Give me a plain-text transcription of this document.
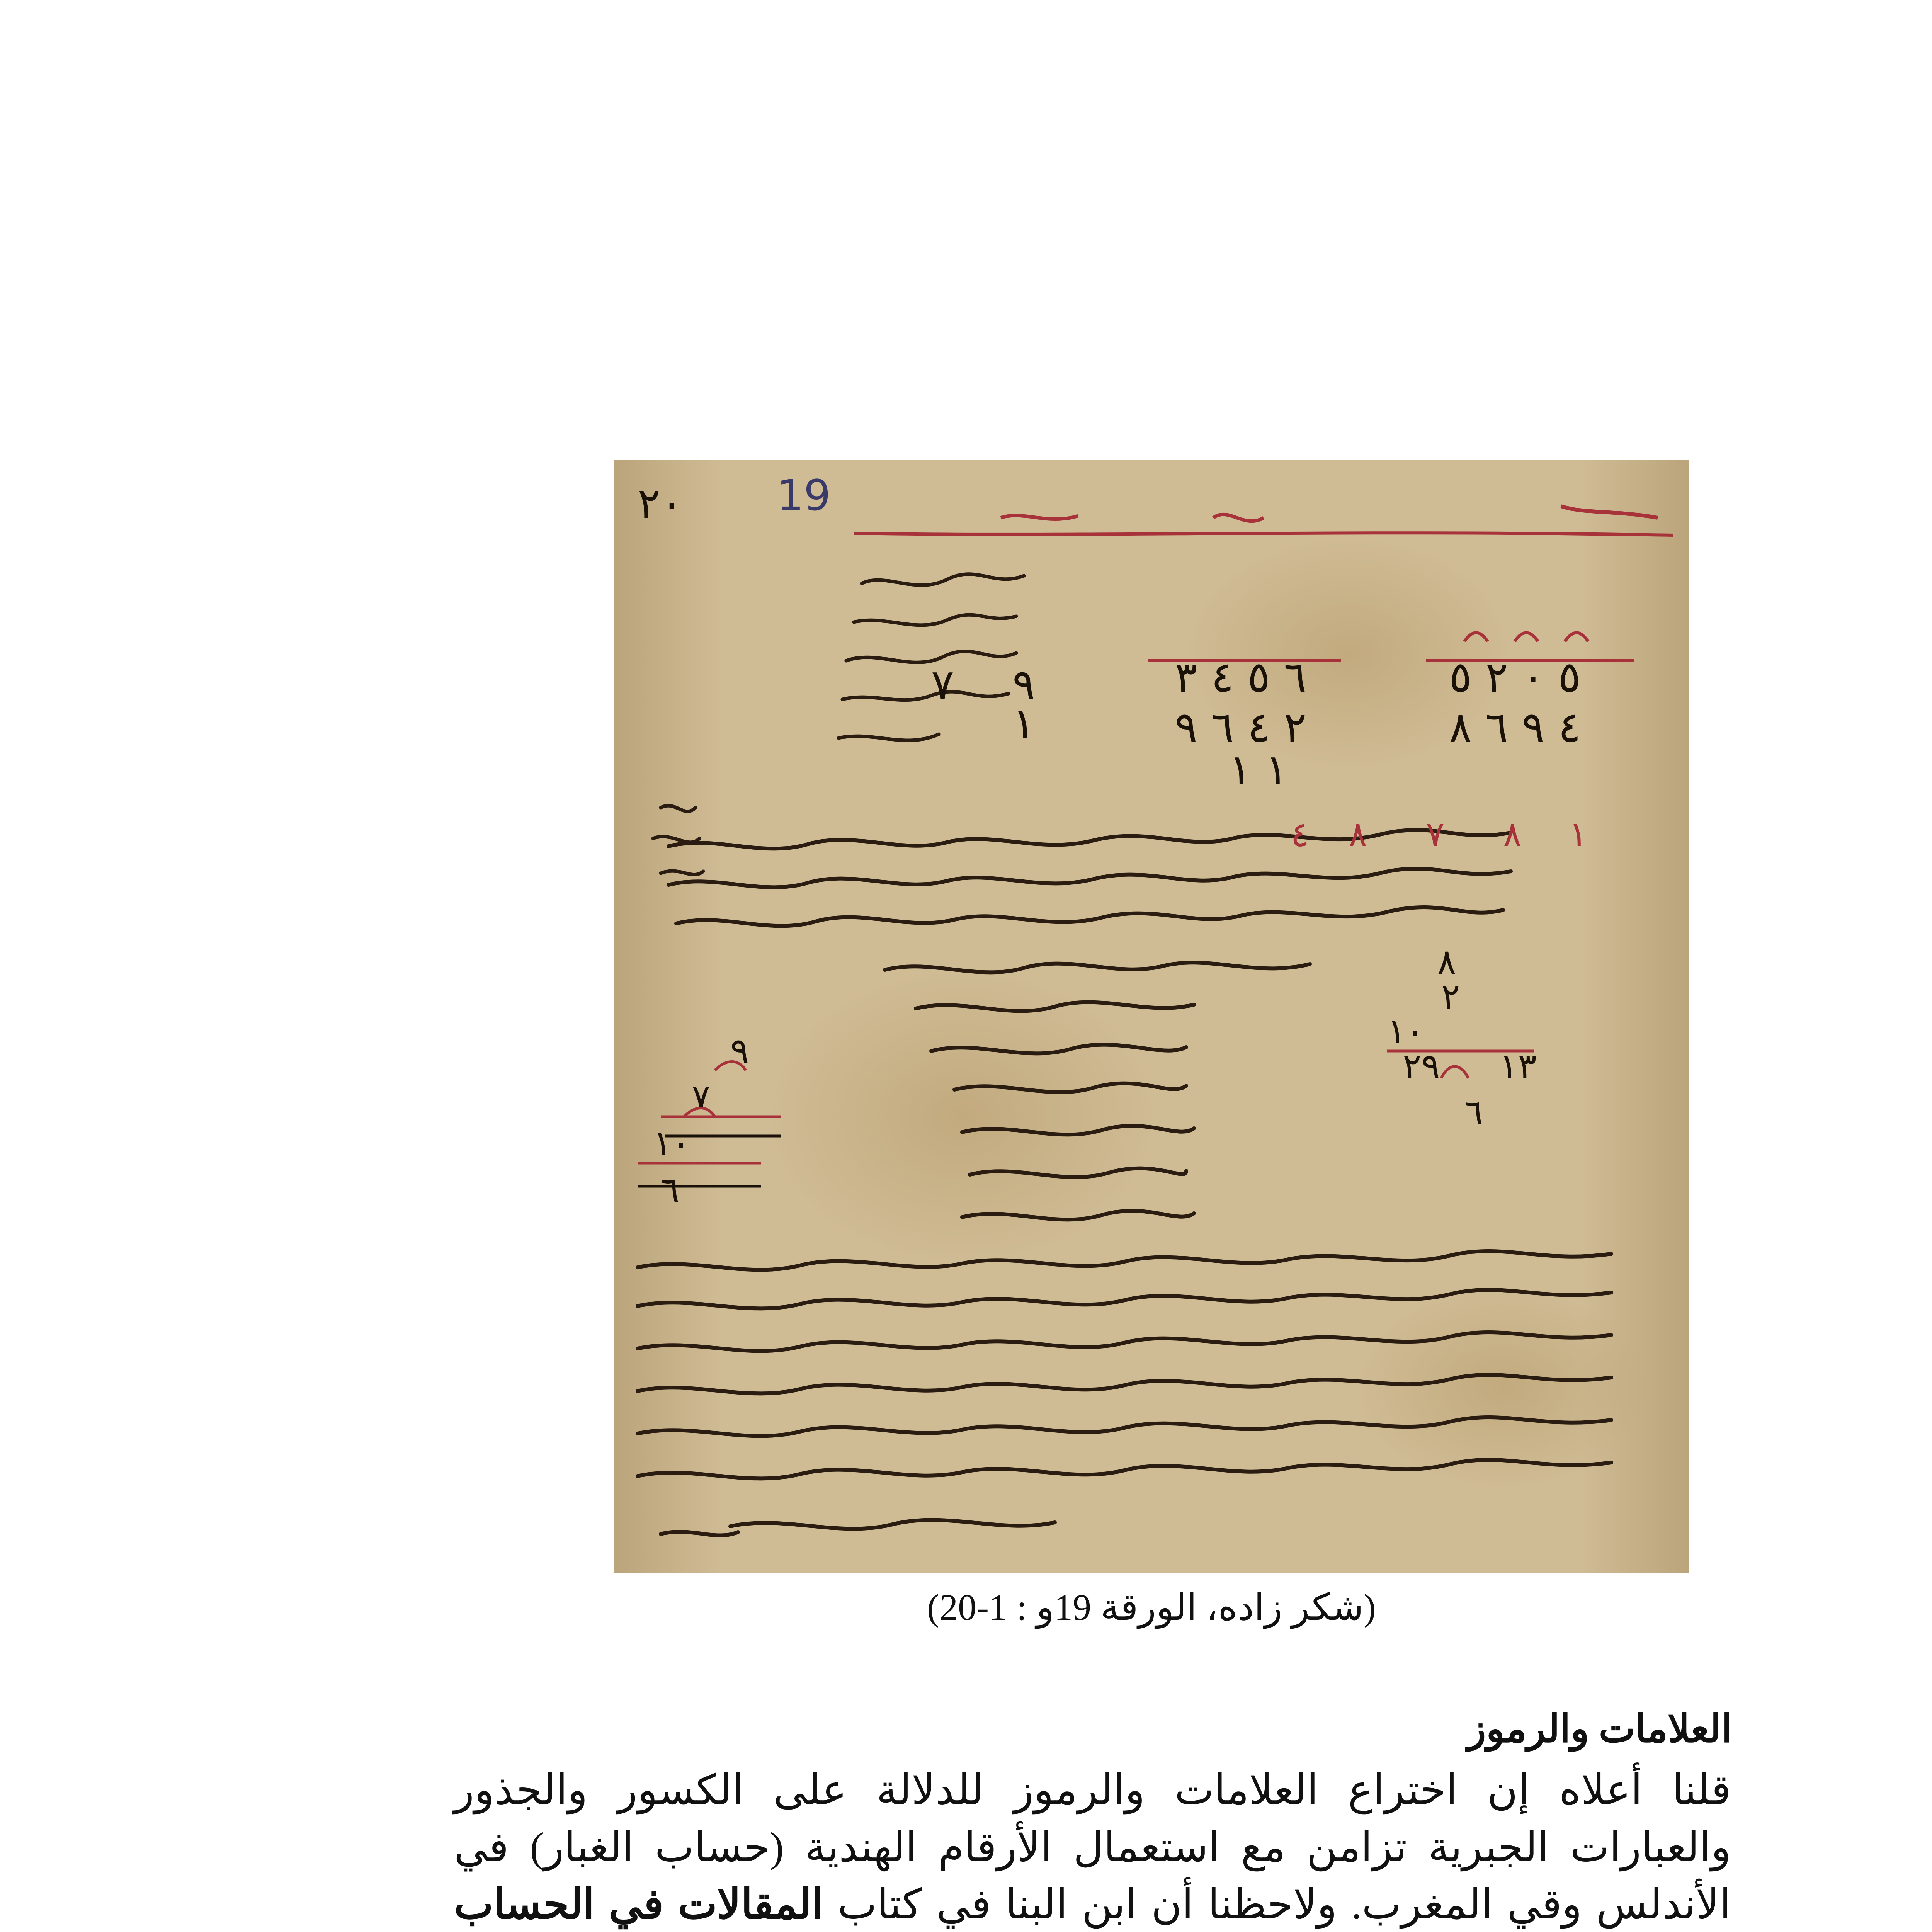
٢٠ 19
٦ ٥ ٤ ٣
٢ ٤ ٦ ٩
١ ١
٥ ٠ ٢ ٥
٤ ٩ ٦ ٨
٩
١
٧
٨ ٧ ٨ ١
٤
٨
٢
١٠
٢٩ ١٣
٦
٩
٧
١٠
٦
(شكر زاده، الورقة 19و : 1-20)
العلامات والرموز

قلنا أعلاه إن اختراع العلامات والرموز للدلالة على الكسور والجذور
والعبارات الجبرية تزامن مع استعمال الأرقام الهندية (حساب الغبار) في
الأندلس وقي المغرب. ولاحظنا أن ابن البنا في كتاب المقالات في الحساب
